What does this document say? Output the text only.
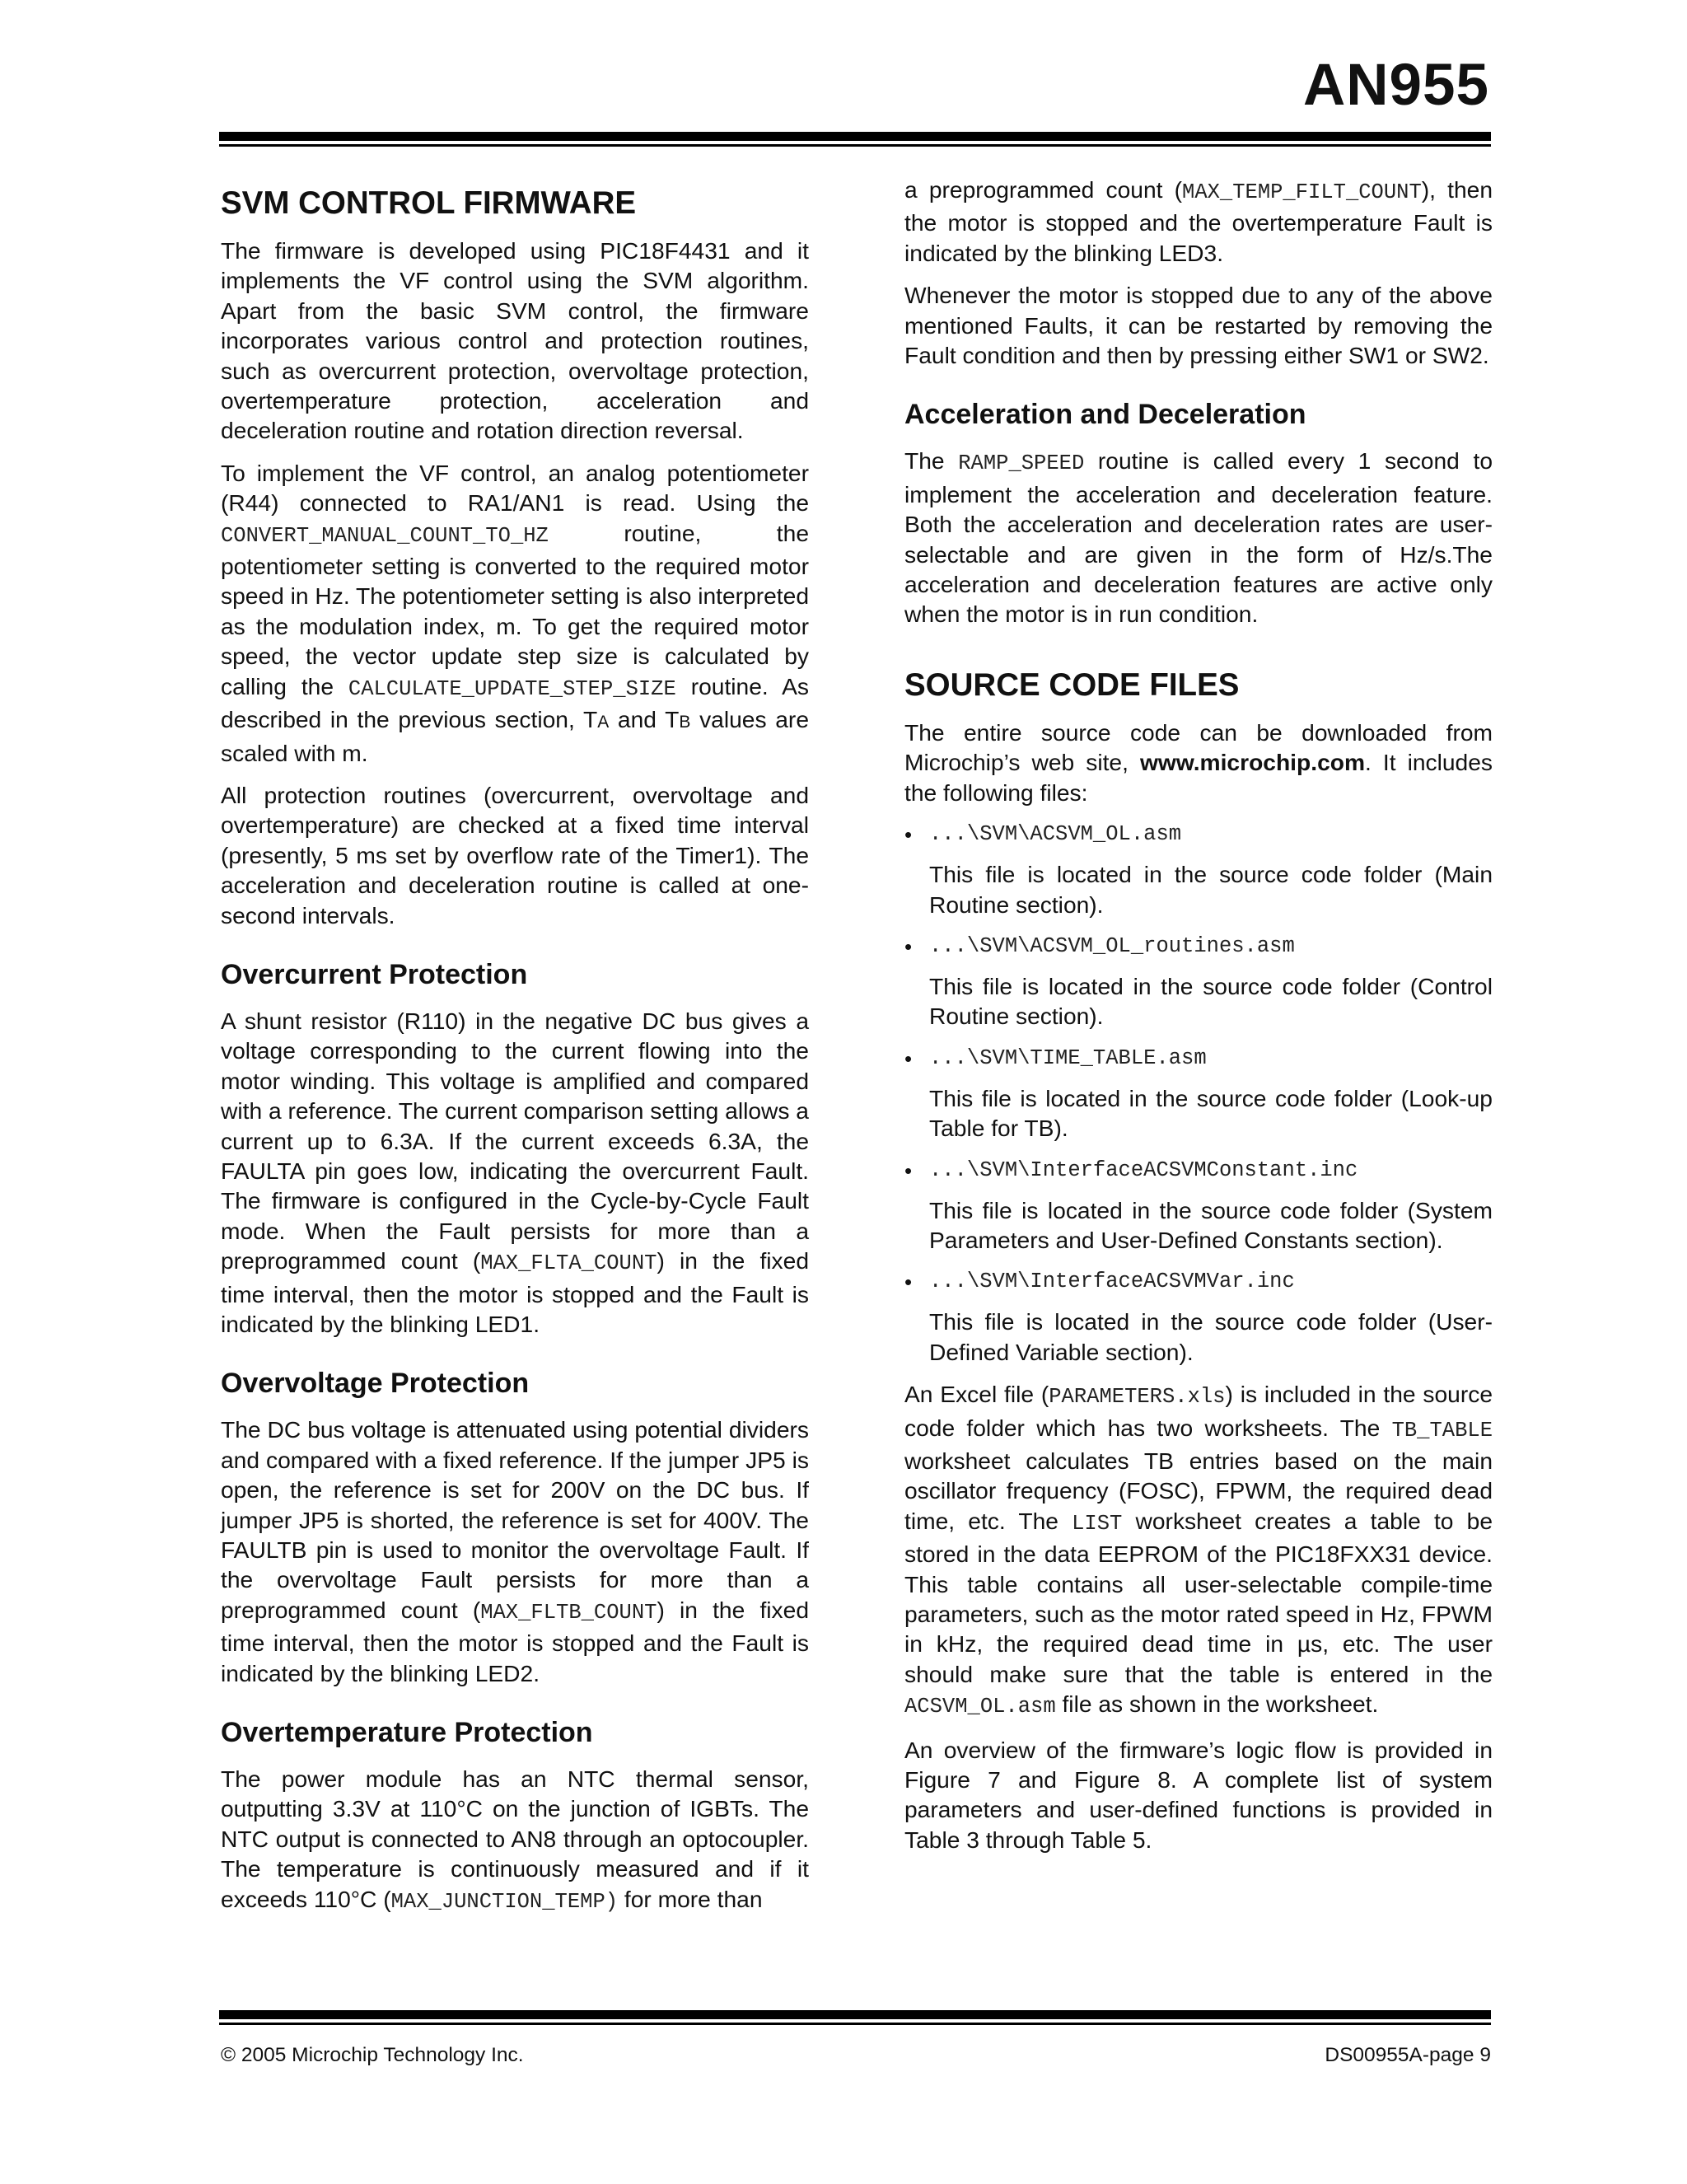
AN955
SVM CONTROL FIRMWARE

The firmware is developed using PIC18F4431 and it implements the VF control using the SVM algorithm. Apart from the basic SVM control, the firmware incorporates various control and protection routines, such as overcurrent protection, overvoltage protection, overtemperature protection, acceleration and deceleration routine and rotation direction reversal.

To implement the VF control, an analog potentiometer (R44) connected to RA1/AN1 is read. Using the CONVERT_MANUAL_COUNT_TO_HZ routine, the potentiometer setting is converted to the required motor speed in Hz. The potentiometer setting is also interpreted as the modulation index, m. To get the required motor speed, the vector update step size is calculated by calling the CALCULATE_UPDATE_STEP_SIZE routine. As described in the previous section, TA and TB values are scaled with m.

All protection routines (overcurrent, overvoltage and overtemperature) are checked at a fixed time interval (presently, 5 ms set by overflow rate of the Timer1). The acceleration and deceleration routine is called at one-second intervals.

Overcurrent Protection

A shunt resistor (R110) in the negative DC bus gives a voltage corresponding to the current flowing into the motor winding. This voltage is amplified and compared with a reference. The current comparison setting allows a current up to 6.3A. If the current exceeds 6.3A, the FAULTA pin goes low, indicating the overcurrent Fault. The firmware is configured in the Cycle-by-Cycle Fault mode. When the Fault persists for more than a preprogrammed count (MAX_FLTA_COUNT) in the fixed time interval, then the motor is stopped and the Fault is indicated by the blinking LED1.

Overvoltage Protection

The DC bus voltage is attenuated using potential dividers and compared with a fixed reference. If the jumper JP5 is open, the reference is set for 200V on the DC bus. If jumper JP5 is shorted, the reference is set for 400V. The FAULTB pin is used to monitor the overvoltage Fault. If the overvoltage Fault persists for more than a preprogrammed count (MAX_FLTB_COUNT) in the fixed time interval, then the motor is stopped and the Fault is indicated by the blinking LED2.

Overtemperature Protection

The power module has an NTC thermal sensor, outputting 3.3V at 110°C on the junction of IGBTs. The NTC output is connected to AN8 through an optocoupler. The temperature is continuously measured and if it exceeds 110°C (MAX_JUNCTION_TEMP) for more than

a preprogrammed count (MAX_TEMP_FILT_COUNT), then the motor is stopped and the overtemperature Fault is indicated by the blinking LED3.

Whenever the motor is stopped due to any of the above mentioned Faults, it can be restarted by removing the Fault condition and then by pressing either SW1 or SW2.

Acceleration and Deceleration

The RAMP_SPEED routine is called every 1 second to implement the acceleration and deceleration feature. Both the acceleration and deceleration rates are user-selectable and are given in the form of Hz/s.The acceleration and deceleration features are active only when the motor is in run condition.

SOURCE CODE FILES

The entire source code can be downloaded from Microchip’s web site, www.microchip.com. It includes the following files:

• ...\SVM\ACSVM_OL.asm
This file is located in the source code folder (Main Routine section).
• ...\SVM\ACSVM_OL_routines.asm
This file is located in the source code folder (Control Routine section).
• ...\SVM\TIME_TABLE.asm
This file is located in the source code folder (Look-up Table for TB).
• ...\SVM\InterfaceACSVMConstant.inc
This file is located in the source code folder (System Parameters and User-Defined Constants section).
• ...\SVM\InterfaceACSVMVar.inc
This file is located in the source code folder (User-Defined Variable section).

An Excel file (PARAMETERS.xls) is included in the source code folder which has two worksheets. The TB_TABLE worksheet calculates TB entries based on the main oscillator frequency (FOSC), FPWM, the required dead time, etc. The LIST worksheet creates a table to be stored in the data EEPROM of the PIC18FXX31 device. This table contains all user-selectable compile-time parameters, such as the motor rated speed in Hz, FPWM in kHz, the required dead time in µs, etc. The user should make sure that the table is entered in the ACSVM_OL.asm file as shown in the worksheet.

An overview of the firmware’s logic flow is provided in Figure 7 and Figure 8. A complete list of system parameters and user-defined functions is provided in Table 3 through Table 5.

© 2005 Microchip Technology Inc.	DS00955A-page 9
